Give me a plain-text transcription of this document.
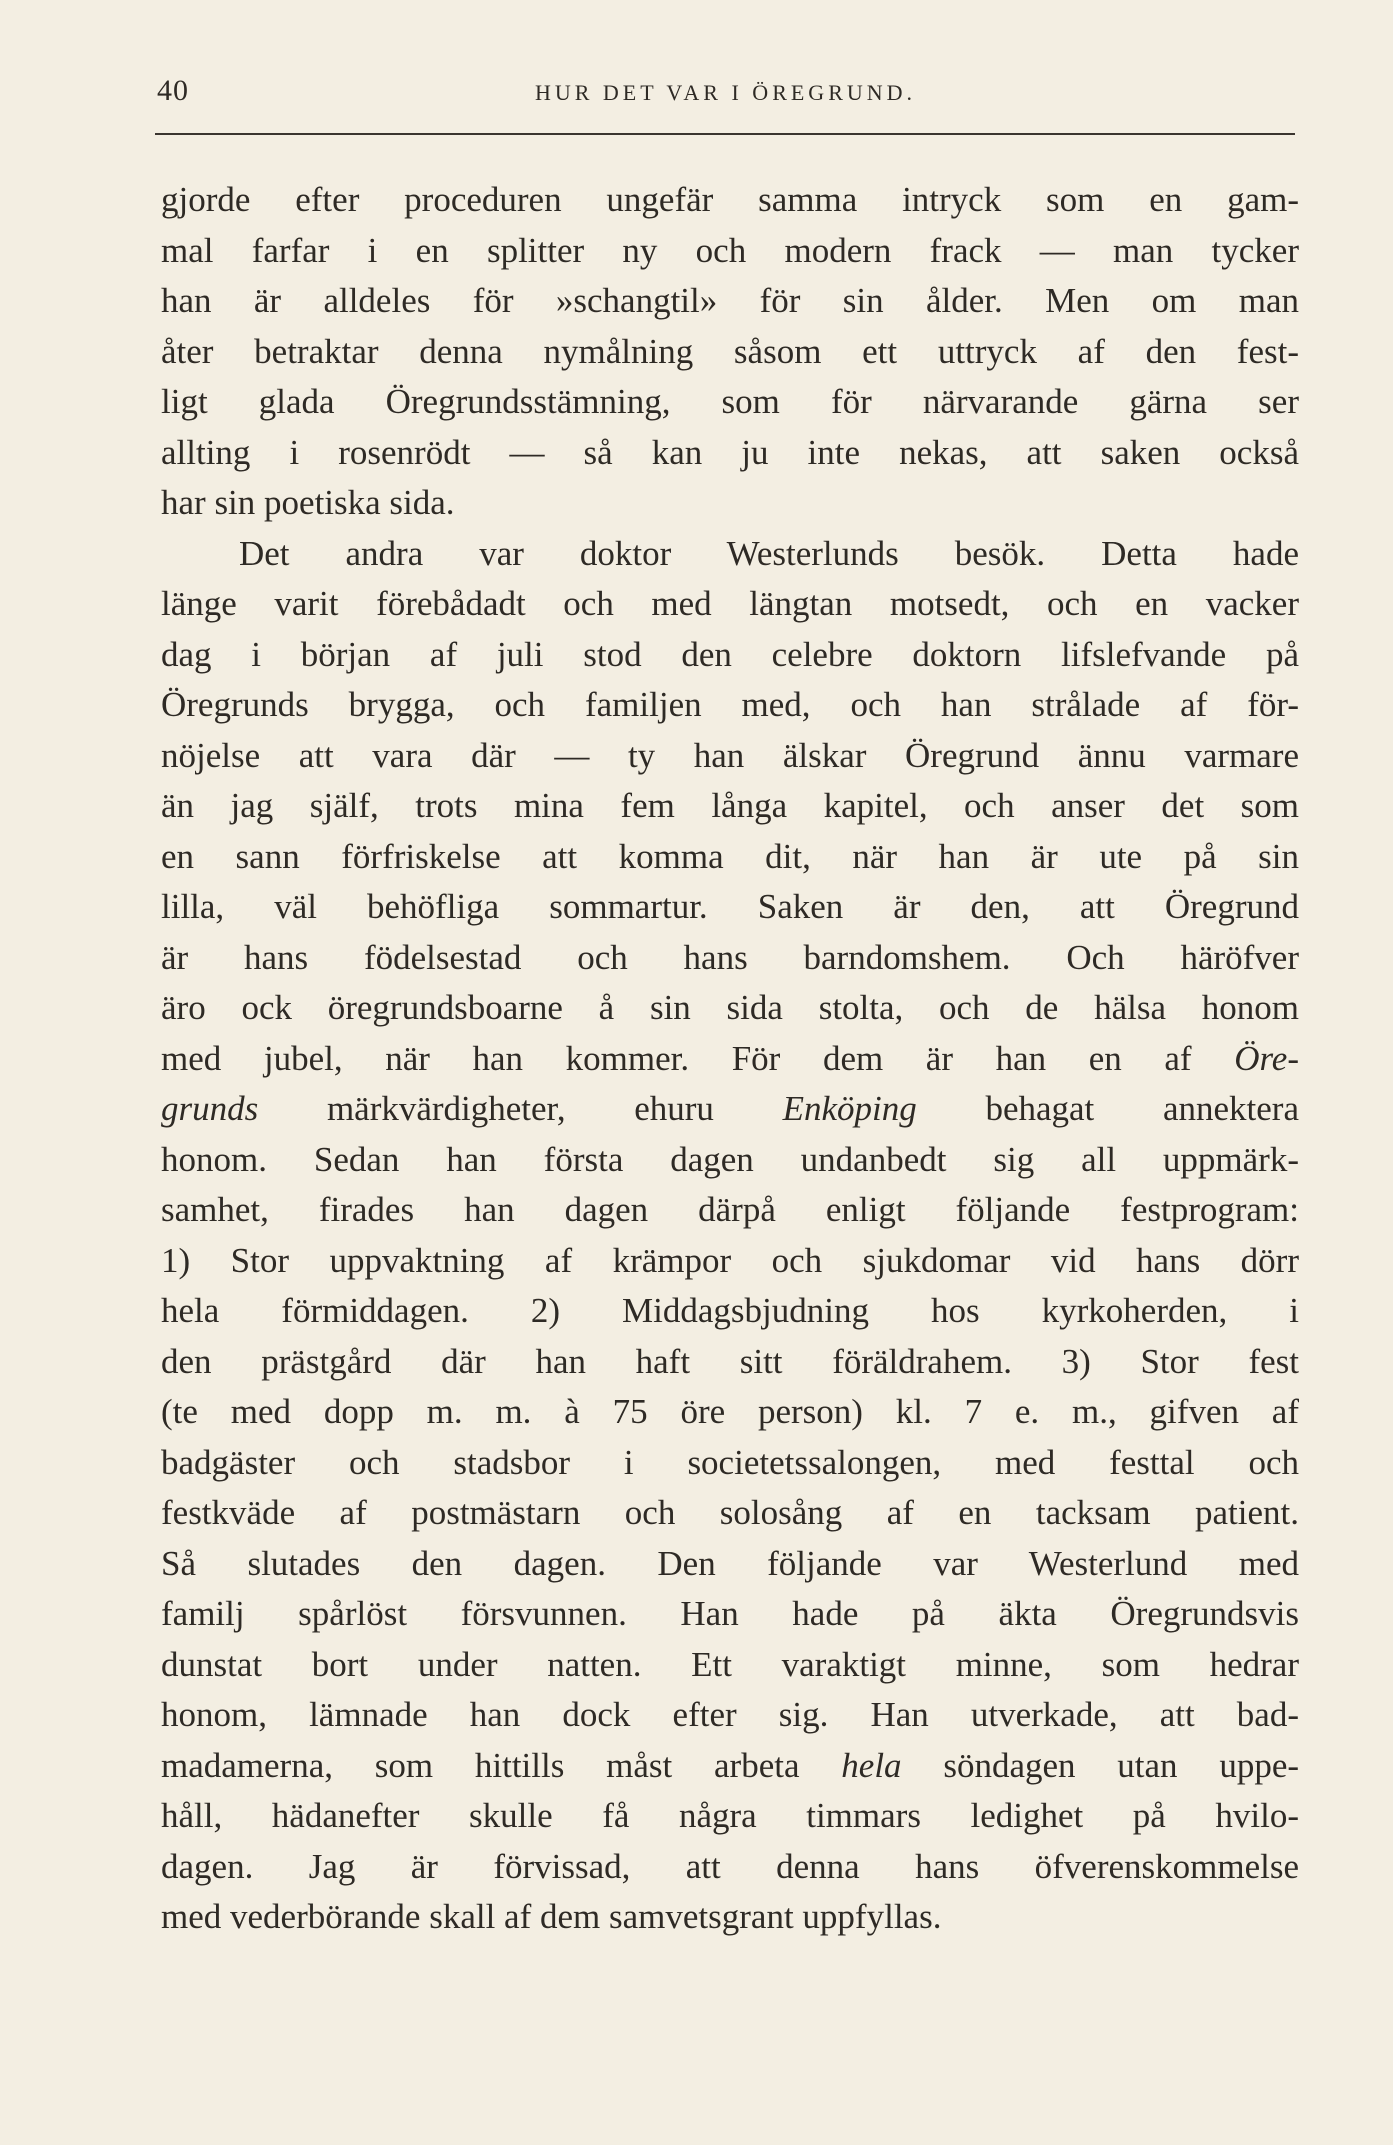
40	HUR DET VAR I ÖREGRUND.
gjorde efter proceduren ungefär samma intryck som en gam-
mal farfar i en splitter ny och modern frack — man tycker
han är alldeles för »schangtil» för sin ålder. Men om man
åter betraktar denna nymålning såsom ett uttryck af den fest-
ligt glada Öregrundsstämning, som för närvarande gärna ser
allting i rosenrödt — så kan ju inte nekas, att saken också
har sin poetiska sida.
Det andra var doktor Westerlunds besök. Detta hade
länge varit förebådadt och med längtan motsedt, och en vacker
dag i början af juli stod den celebre doktorn lifslefvande på
Öregrunds brygga, och familjen med, och han strålade af för-
nöjelse att vara där — ty han älskar Öregrund ännu varmare
än jag själf, trots mina fem långa kapitel, och anser det som
en sann förfriskelse att komma dit, när han är ute på sin
lilla, väl behöfliga sommartur. Saken är den, att Öregrund
är hans födelsestad och hans barndomshem. Och häröfver
äro ock öregrundsboarne å sin sida stolta, och de hälsa honom
med jubel, när han kommer. För dem är han en af Öre-
grunds märkvärdigheter, ehuru Enköping behagat annektera
honom. Sedan han första dagen undanbedt sig all uppmärk-
samhet, firades han dagen därpå enligt följande festprogram:
1) Stor uppvaktning af krämpor och sjukdomar vid hans dörr
hela förmiddagen. 2) Middagsbjudning hos kyrkoherden, i
den prästgård där han haft sitt föräldrahem. 3) Stor fest
(te med dopp m. m. à 75 öre person) kl. 7 e. m., gifven af
badgäster och stadsbor i societetssalongen, med festtal och
festkväde af postmästarn och solosång af en tacksam patient.
Så slutades den dagen. Den följande var Westerlund med
familj spårlöst försvunnen. Han hade på äkta Öregrundsvis
dunstat bort under natten. Ett varaktigt minne, som hedrar
honom, lämnade han dock efter sig. Han utverkade, att bad-
madamerna, som hittills måst arbeta hela söndagen utan uppe-
håll, hädanefter skulle få några timmars ledighet på hvilo-
dagen. Jag är förvissad, att denna hans öfverenskommelse
med vederbörande skall af dem samvetsgrant uppfyllas.
